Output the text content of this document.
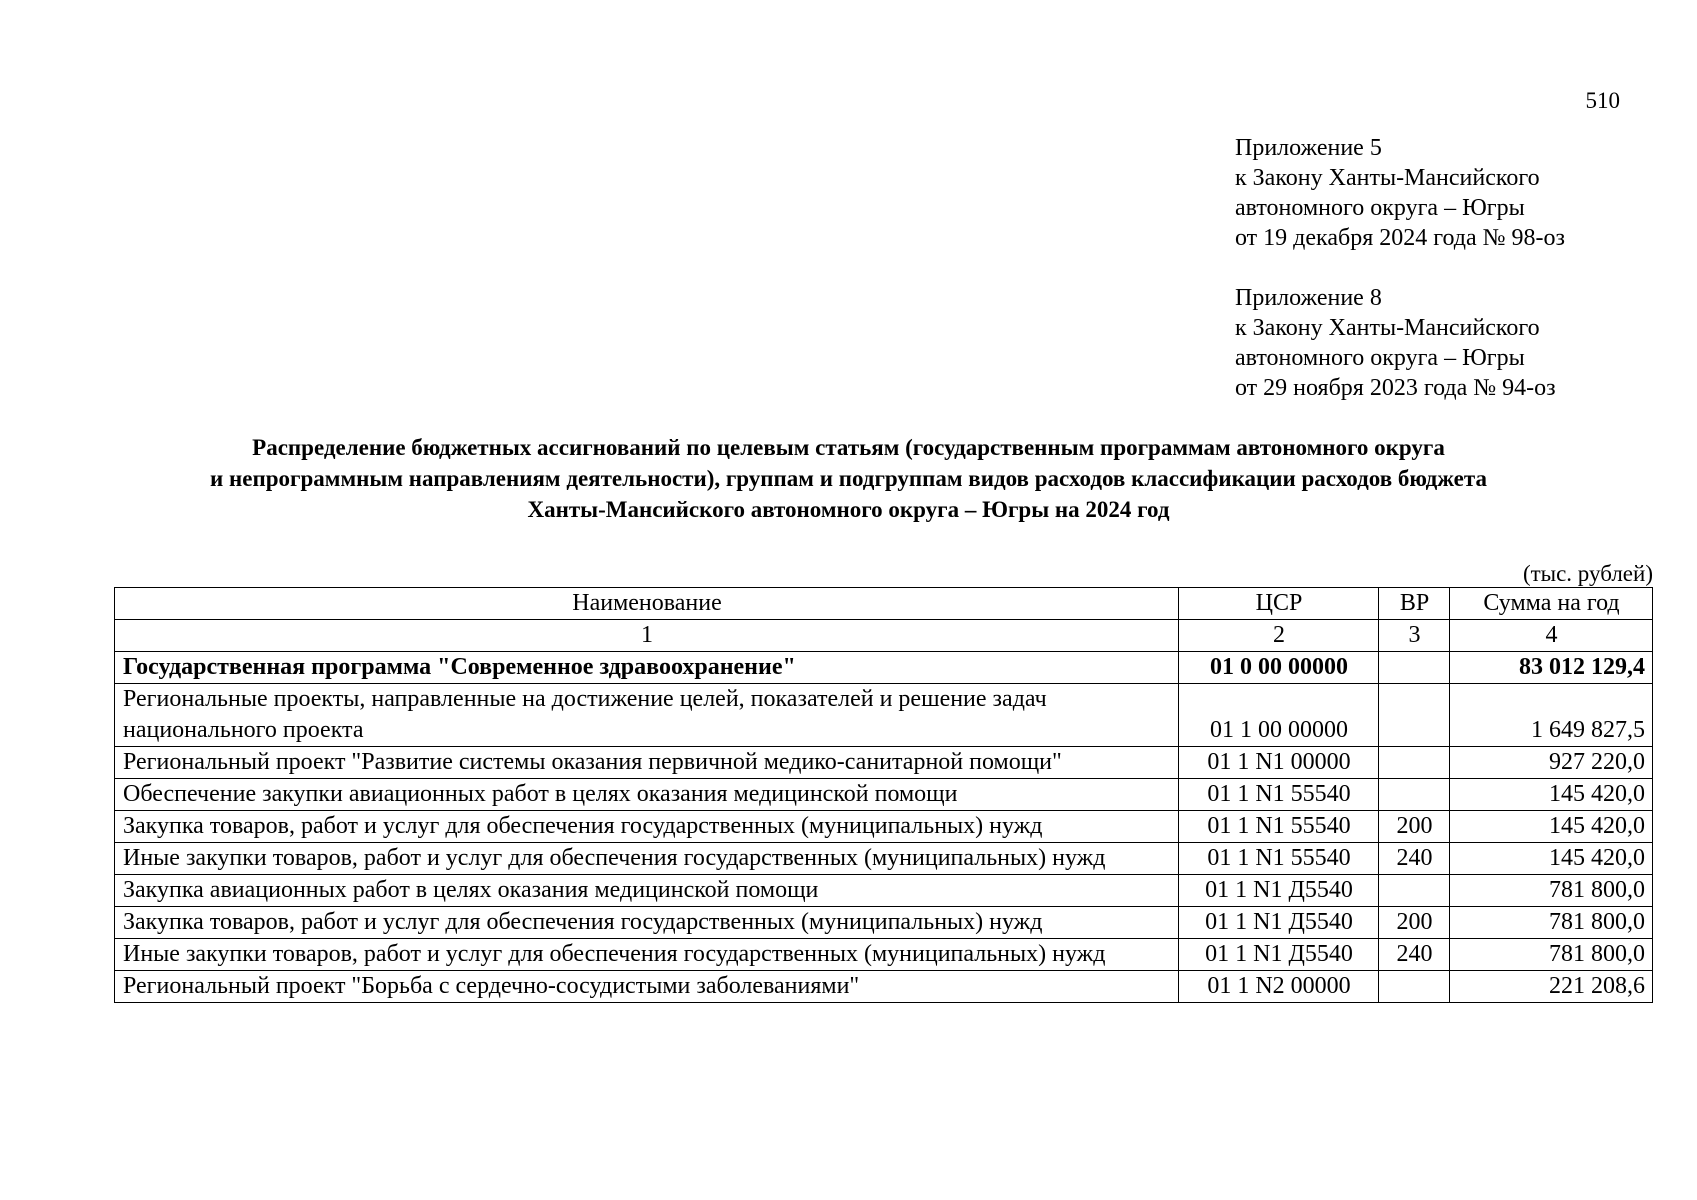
510
Приложение 5
к Закону Ханты-Мансийского
автономного округа – Югры
от 19 декабря 2024 года № 98-оз
Приложение 8
к Закону Ханты-Мансийского
автономного округа – Югры
от 29 ноября 2023 года № 94-оз
Распределение бюджетных ассигнований по целевым статьям (государственным программам автономного округа
и непрограммным направлениям деятельности), группам и подгруппам видов расходов классификации расходов бюджета
Ханты-Мансийского автономного округа – Югры на 2024 год
(тыс. рублей)
Наименование	ЦСР	ВР	Сумма на год
1	2	3	4
Государственная программа "Современное здравоохранение"	01 0 00 00000		83 012 129,4
Региональные проекты, направленные на достижение целей, показателей и решение задач национального проекта	01 1 00 00000		1 649 827,5
Региональный проект "Развитие системы оказания первичной медико-санитарной помощи"	01 1 N1 00000		927 220,0
Обеспечение закупки авиационных работ в целях оказания медицинской помощи	01 1 N1 55540		145 420,0
Закупка товаров, работ и услуг для обеспечения государственных (муниципальных) нужд	01 1 N1 55540	200	145 420,0
Иные закупки товаров, работ и услуг для обеспечения государственных (муниципальных) нужд	01 1 N1 55540	240	145 420,0
Закупка авиационных работ в целях оказания медицинской помощи	01 1 N1 Д5540		781 800,0
Закупка товаров, работ и услуг для обеспечения государственных (муниципальных) нужд	01 1 N1 Д5540	200	781 800,0
Иные закупки товаров, работ и услуг для обеспечения государственных (муниципальных) нужд	01 1 N1 Д5540	240	781 800,0
Региональный проект "Борьба с сердечно-сосудистыми заболеваниями"	01 1 N2 00000		221 208,6
